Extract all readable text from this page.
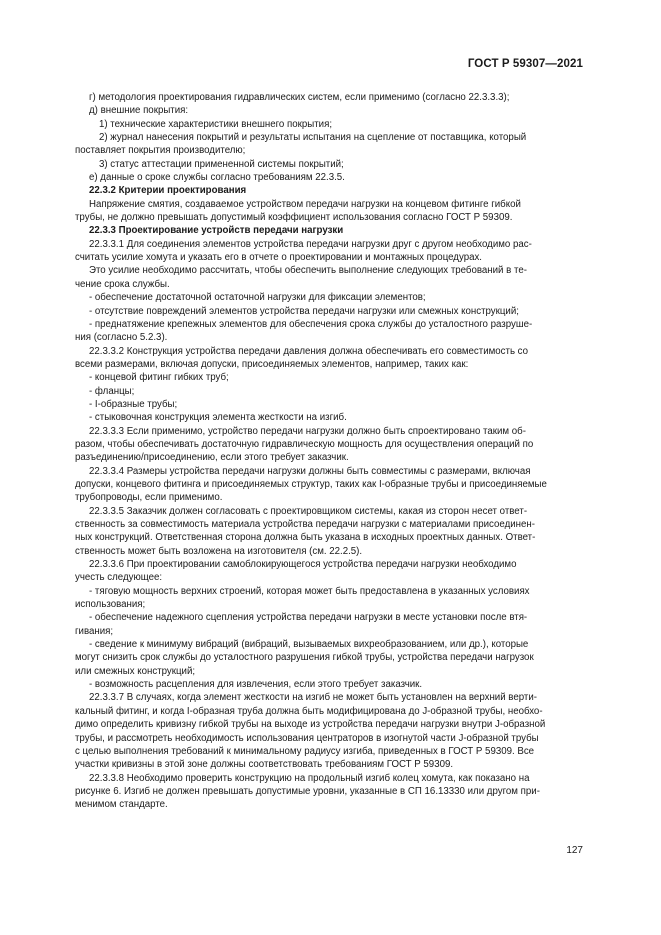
ГОСТ Р 59307—2021

г) методология проектирования гидравлических систем, если применимо (согласно 22.3.3.3);

д) внешние покрытия:

1) технические характеристики внешнего покрытия;

2) журнал нанесения покрытий и результаты испытания на сцепление от поставщика, который

поставляет покрытия производителю;

3) статус аттестации примененной системы покрытий;

е) данные о сроке службы согласно требованиям 22.3.5.

22.3.2 Критерии проектирования

Напряжение смятия, создаваемое устройством передачи нагрузки на концевом фитинге гибкой

трубы, не должно превышать допустимый коэффициент использования согласно ГОСТ Р 59309.

22.3.3 Проектирование устройств передачи нагрузки

22.3.3.1 Для соединения элементов устройства передачи нагрузки друг с другом необходимо рас-

считать усилие хомута и указать его в отчете о проектировании и монтажных процедурах.

Это усилие необходимо рассчитать, чтобы обеспечить выполнение следующих требований в те-

чение срока службы.

- обеспечение достаточной остаточной нагрузки для фиксации элементов;

- отсутствие повреждений элементов устройства передачи нагрузки или смежных конструкций;

- преднатяжение крепежных элементов для обеспечения срока службы до усталостного разруше-

ния (согласно 5.2.3).

22.3.3.2 Конструкция устройства передачи давления должна обеспечивать его совместимость со

всеми размерами, включая допуски, присоединяемых элементов, например, таких как:

- концевой фитинг гибких труб;

- фланцы;

- I-образные трубы;

- стыковочная конструкция элемента жесткости на изгиб.

22.3.3.3 Если применимо, устройство передачи нагрузки должно быть спроектировано таким об-

разом, чтобы обеспечивать достаточную гидравлическую мощность для осуществления операций по

разъединению/присоединению, если этого требует заказчик.

22.3.3.4 Размеры устройства передачи нагрузки должны быть совместимы с размерами, включая

допуски, концевого фитинга и присоединяемых структур, таких как I-образные трубы и присоединяемые

трубопроводы, если применимо.

22.3.3.5 Заказчик должен согласовать с проектировщиком системы, какая из сторон несет ответ-

ственность за совместимость материала устройства передачи нагрузки с материалами присоединен-

ных конструкций. Ответственная сторона должна быть указана в исходных проектных данных. Ответ-

ственность может быть возложена на изготовителя (см. 22.2.5).

22.3.3.6 При проектировании самоблокирующегося устройства передачи нагрузки необходимо

учесть следующее:

- тяговую мощность верхних строений, которая может быть предоставлена в указанных условиях

использования;

- обеспечение надежного сцепления устройства передачи нагрузки в месте установки после втя-

гивания;

- сведение к минимуму вибраций (вибраций, вызываемых вихреобразованием, или др.), которые

могут снизить срок службы до усталостного разрушения гибкой трубы, устройства передачи нагрузок

или смежных конструкций;

- возможность расцепления для извлечения, если этого требует заказчик.

22.3.3.7 В случаях, когда элемент жесткости на изгиб не может быть установлен на верхний верти-

кальный фитинг, и когда I-образная труба должна быть модифицирована до J-образной трубы, необхо-

димо определить кривизну гибкой трубы на выходе из устройства передачи нагрузки внутри J-образной

трубы, и рассмотреть необходимость использования центраторов в изогнутой части J-образной трубы

с целью выполнения требований к минимальному радиусу изгиба, приведенных в ГОСТ Р 59309. Все

участки кривизны в этой зоне должны соответствовать требованиям ГОСТ Р 59309.

22.3.3.8 Необходимо проверить конструкцию на продольный изгиб колец хомута, как показано на

рисунке 6. Изгиб не должен превышать допустимые уровни, указанные в СП 16.13330 или другом при-

менимом стандарте.

127
